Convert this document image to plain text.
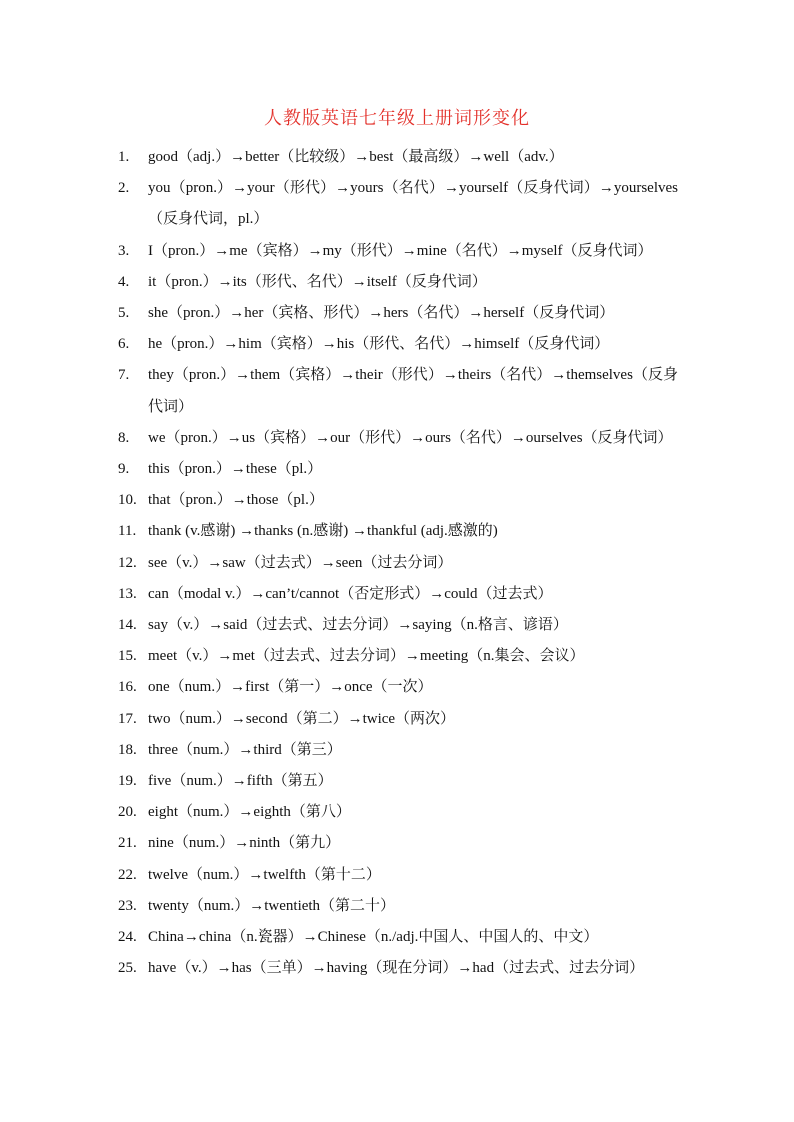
人教版英语七年级上册词形变化
1. good（adj.）→better（比较级）→best（最高级）→well（adv.）
2. you（pron.）→your（形代）→yours（名代）→yourself（反身代词）→yourselves（反身代词，pl.）
3. I（pron.）→me（宾格）→my（形代）→mine（名代）→myself（反身代词）
4. it（pron.）→its（形代、名代）→itself（反身代词）
5. she（pron.）→her（宾格、形代）→hers（名代）→herself（反身代词）
6. he（pron.）→him（宾格）→his（形代、名代）→himself（反身代词）
7. they（pron.）→them（宾格）→their（形代）→theirs（名代）→themselves（反身代词）
8. we（pron.）→us（宾格）→our（形代）→ours（名代）→ourselves（反身代词）
9. this（pron.）→these（pl.）
10. that（pron.）→those（pl.）
11. thank (v.感谢) →thanks (n.感谢) →thankful (adj.感激的)
12. see（v.）→saw（过去式）→seen（过去分词）
13. can（modal v.）→can’t/cannot（否定形式）→could（过去式）
14. say（v.）→said（过去式、过去分词）→saying（n.格言、谚语）
15. meet（v.）→met（过去式、过去分词）→meeting（n.集会、会议）
16. one（num.）→first（第一）→once（一次）
17. two（num.）→second（第二）→twice（两次）
18. three（num.）→third（第三）
19. five（num.）→fifth（第五）
20. eight（num.）→eighth（第八）
21. nine（num.）→ninth（第九）
22. twelve（num.）→twelfth（第十二）
23. twenty（num.）→twentieth（第二十）
24. China→china（n.瓷器）→Chinese（n./adj.中国人、中国人的、中文）
25. have（v.）→has（三单）→having（现在分词）→had（过去式、过去分词）
